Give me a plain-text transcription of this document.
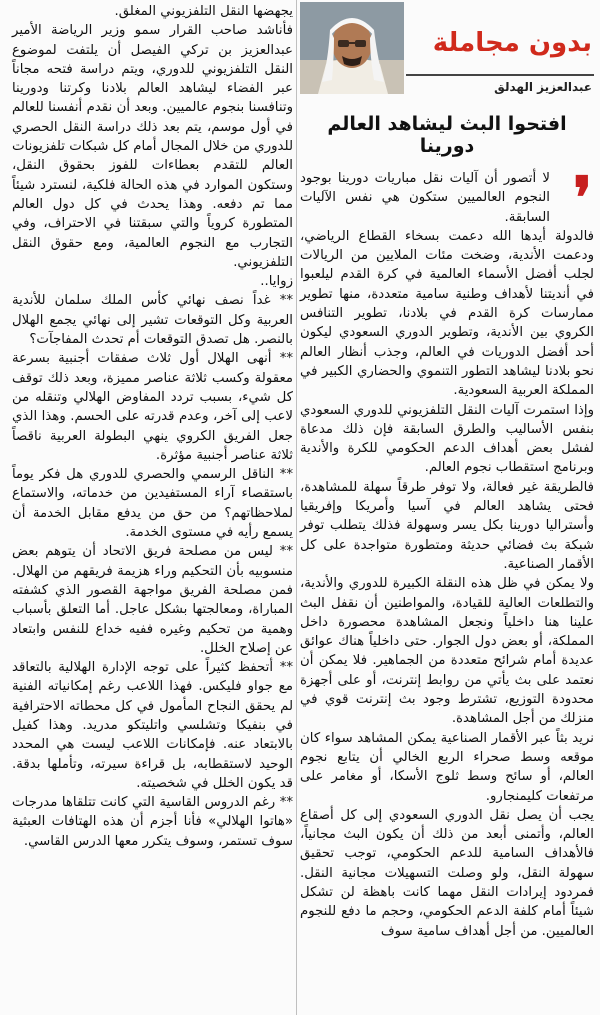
بدون مجاملة
عبدالعزيز الهدلق
افتحوا البث ليشاهد العالم دورينا
❜

لا أتصور أن آليات نقل مباريات دورينا بوجود النجوم العالميين ستكون هي نفس الآليات السابقة.

فالدولة أيدها الله دعمت بسخاء القطاع الرياضي، ودعمت الأندية، وضخت مئات الملايين من الريالات لجلب أفضل الأسماء العالمية في كرة القدم ليلعبوا في أنديتنا لأهداف وطنية سامية متعددة، منها تطوير ممارسات كرة القدم في بلادنا، تطوير التنافس الكروي بين الأندية، وتطوير الدوري السعودي ليكون أحد أفضل الدوريات في العالم، وجذب أنظار العالم نحو بلادنا ليشاهد التطور التنموي والحضاري الكبير في المملكة العربية السعودية.

وإذا استمرت آليات النقل التلفزيوني للدوري السعودي بنفس الأساليب والطرق السابقة فإن ذلك مدعاة لفشل بعض أهداف الدعم الحكومي للكرة والأندية وبرنامج استقطاب نجوم العالم.

فالطريقة غير فعالة، ولا توفر طرقاً سهلة للمشاهدة، فحتى يشاهد العالم في آسيا وأمريكا وإفريقيا وأستراليا دورينا بكل يسر وسهولة فذلك يتطلب توفر شبكة بث فضائي حديثة ومتطورة متواجدة على كل الأقمار الصناعية.

ولا يمكن في ظل هذه النقلة الكبيرة للدوري والأندية، والتطلعات العالية للقيادة، والمواطنين أن نقفل البث علينا هنا داخلياً ونجعل المشاهدة محصورة داخل المملكة، أو بعض دول الجوار. حتى داخلياً هناك عوائق عديدة أمام شرائح متعددة من الجماهير. فلا يمكن أن نعتمد على بث يأتي من روابط إنترنت، أو على أجهزة محدودة التوزيع، تشترط وجود بث إنترنت قوي في منزلك من أجل المشاهدة.

نريد بثاً عبر الأقمار الصناعية يمكن المشاهد سواء كان موقعه وسط صحراء الربع الخالي أن يتابع نجوم العالم، أو سائح وسط ثلوج الأسكا، أو مغامر على مرتفعات كليمنجارو.

يجب أن يصل نقل الدوري السعودي إلى كل أصقاع العالم، وأتمنى أبعد من ذلك أن يكون البث مجانياً، فالأهداف السامية للدعم الحكومي، توجب تحقيق سهولة النقل، ولو وصلت التسهيلات مجانية النقل. فمردود إيرادات النقل مهما كانت باهظة لن تشكل شيئاً أمام كلفة الدعم الحكومي، وحجم ما دفع للنجوم العالميين. من أجل أهداف سامية سوف

يجهضها النقل التلفزيوني المغلق.

فأناشد صاحب القرار سمو وزير الرياضة الأمير عبدالعزيز بن تركي الفيصل أن يلتفت لموضوع النقل التلفزيوني للدوري، ويتم دراسة فتحه مجاناً عبر الفضاء ليشاهد العالم بلادنا وكرتنا ودورينا وتنافسنا بنجوم عالميين. وبعد أن نقدم أنفسنا للعالم في أول موسم، يتم بعد ذلك دراسة النقل الحصري للدوري من خلال المجال أمام كل شبكات تلفزيونات العالم للتقدم بعطاءات للفوز بحقوق النقل، وستكون الموارد في هذه الحالة فلكية، لنسترد شيئاً مما تم دفعه. وهذا يحدث في كل دول العالم المتطورة كروياً والتي سبقتنا في الاحتراف، وفي التجارب مع النجوم العالمية، ومع حقوق النقل التلفزيوني.

زوايا..

** غداً نصف نهائي كأس الملك سلمان للأندية العربية وكل التوقعات تشير إلى نهائي يجمع الهلال بالنصر. هل تصدق التوقعات أم تحدث المفاجآت؟

** أنهى الهلال أول ثلاث صفقات أجنبية بسرعة معقولة وكسب ثلاثة عناصر مميزة، وبعد ذلك توقف كل شيء، بسبب تردد المفاوض الهلالي وتنقله من لاعب إلى آخر، وعدم قدرته على الحسم. وهذا الذي جعل الفريق الكروي ينهي البطولة العربية ناقصاً ثلاثة عناصر أجنبية مؤثرة.

** الناقل الرسمي والحصري للدوري هل فكر يوماً باستقصاء آراء المستفيدين من خدماته، والاستماع لملاحظاتهم؟ من حق من يدفع مقابل الخدمة أن يسمع رأيه في مستوى الخدمة.

** ليس من مصلحة فريق الاتحاد أن يتوهم بعض منسوبيه بأن التحكيم وراء هزيمة فريقهم من الهلال. فمن مصلحة الفريق مواجهة القصور الذي كشفته المباراة، ومعالجتها بشكل عاجل. أما التعلق بأسباب وهمية من تحكيم وغيره ففيه خداع للنفس وابتعاد عن إصلاح الخلل.

** أتحفظ كثيراً على توجه الإدارة الهلالية بالتعاقد مع جواو فليكس. فهذا اللاعب رغم إمكانياته الفنية لم يحقق النجاح المأمول في كل محطاته الاحترافية في بنفيكا وتشلسي واتليتكو مدريد. وهذا كفيل بالابتعاد عنه. فإمكانات اللاعب ليست هي المحدد الوحيد لاستقطابه، بل قراءة سيرته، وتأملها بدقة. قد يكون الخلل في شخصيته.

** رغم الدروس القاسية التي كانت تتلقاها مدرجات «هاتوا الهلالي» فأنا أجزم أن هذه الهتافات العبثية سوف تستمر، وسوف يتكرر معها الدرس القاسي.
